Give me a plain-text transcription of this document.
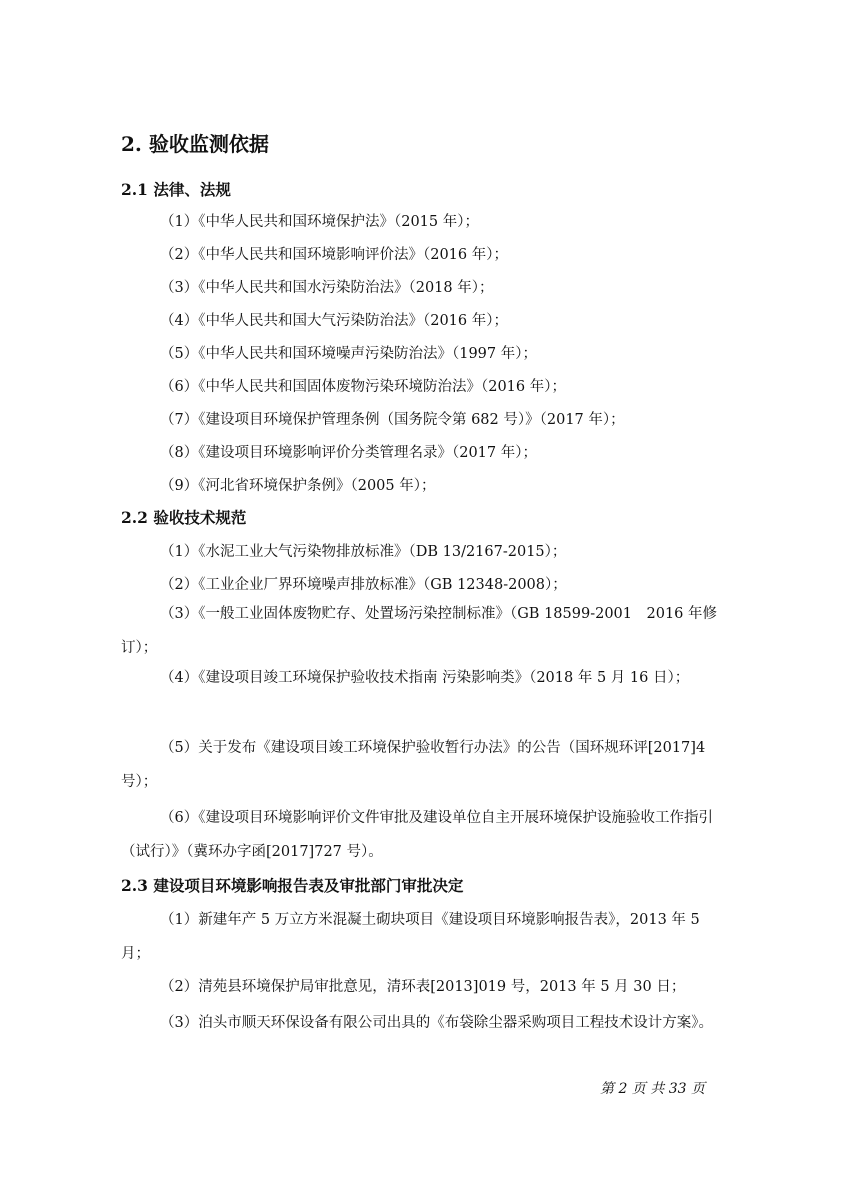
2. 验收监测依据
2.1 法律、法规
（1）《中华人民共和国环境保护法》（2015 年）；
（2）《中华人民共和国环境影响评价法》（2016 年）；
（3）《中华人民共和国水污染防治法》（2018 年）；
（4）《中华人民共和国大气污染防治法》（2016 年）；
（5）《中华人民共和国环境噪声污染防治法》（1997 年）；
（6）《中华人民共和国固体废物污染环境防治法》（2016 年）；
（7）《建设项目环境保护管理条例（国务院令第 682 号）》（2017 年）；
（8）《建设项目环境影响评价分类管理名录》（2017 年）；
（9）《河北省环境保护条例》（2005 年）；
2.2 验收技术规范
（1）《水泥工业大气污染物排放标准》（DB 13/2167-2015）；
（2）《工业企业厂界环境噪声排放标准》（GB 12348-2008）；
（3）《一般工业固体废物贮存、处置场污染控制标准》（GB 18599-2001　2016 年修订）；
（4）《建设项目竣工环境保护验收技术指南 污染影响类》（2018 年 5 月 16 日）；
（5）关于发布《建设项目竣工环境保护验收暂行办法》的公告（国环规环评[2017]4 号）；
（6）《建设项目环境影响评价文件审批及建设单位自主开展环境保护设施验收工作指引（试行）》（冀环办字函[2017]727 号）。
2.3 建设项目环境影响报告表及审批部门审批决定
（1）新建年产 5 万立方米混凝土砌块项目《建设项目环境影响报告表》，2013 年 5 月；
（2）清苑县环境保护局审批意见，清环表[2013]019 号，2013 年 5 月 30 日；
（3）泊头市顺天环保设备有限公司出具的《布袋除尘器采购项目工程技术设计方案》。
第 2 页 共 33 页
